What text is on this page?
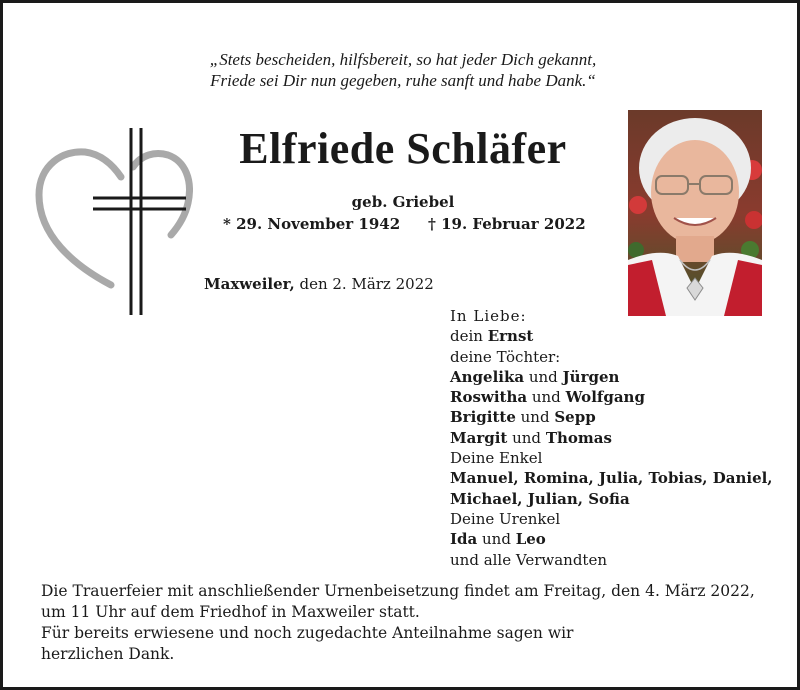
„Stets bescheiden, hilfsbereit, so hat jeder Dich gekannt,
Friede sei Dir nun gegeben, ruhe sanft und habe Dank.“
Elfriede Schläfer
geb. Griebel
* 29. November 1942 † 19. Februar 2022
Maxweiler, den 2. März 2022
In Liebe:
dein Ernst
deine Töchter:
Angelika und Jürgen
Roswitha und Wolfgang
Brigitte und Sepp
Margit und Thomas
Deine Enkel
Manuel, Romina, Julia, Tobias, Daniel,
Michael, Julian, Sofia
Deine Urenkel
Ida und Leo
und alle Verwandten
Die Trauerfeier mit anschließender Urnenbeisetzung findet am Freitag, den 4. März 2022,
um 11 Uhr auf dem Friedhof in Maxweiler statt.
Für bereits erwiesene und noch zugedachte Anteilnahme sagen wir
herzlichen Dank.
